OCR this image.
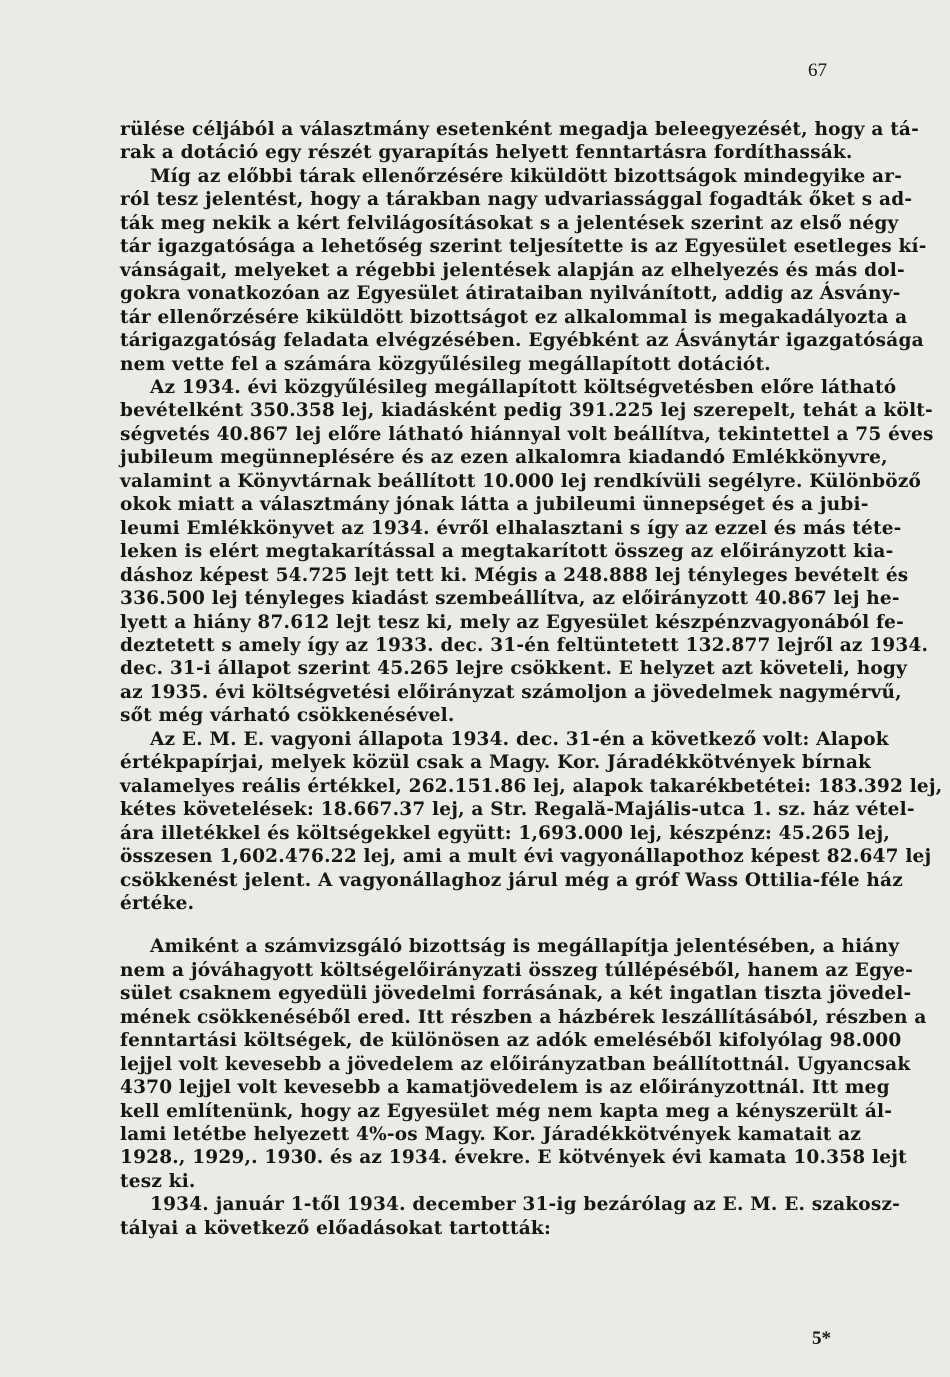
67
rülése céljából a választmány esetenként megadja beleegyezését, hogy a tá-
rak a dotáció egy részét gyarapítás helyett fenntartásra fordíthassák.
Míg az előbbi tárak ellenőrzésére kiküldött bizottságok mindegyike ar-
ról tesz jelentést, hogy a tárakban nagy udvariassággal fogadták őket s ad-
ták meg nekik a kért felvilágosításokat s a jelentések szerint az első négy
tár igazgatósága a lehetőség szerint teljesítette is az Egyesület esetleges kí-
vánságait, melyeket a régebbi jelentések alapján az elhelyezés és más dol-
gokra vonatkozóan az Egyesület átirataiban nyilvánított, addig az Ásvány-
tár ellenőrzésére kiküldött bizottságot ez alkalommal is megakadályozta a
tárigazgatóság feladata elvégzésében. Egyébként az Ásványtár igazgatósága
nem vette fel a számára közgyűlésileg megállapított dotációt.
Az 1934. évi közgyűlésileg megállapított költségvetésben előre látható
bevételként 350.358 lej, kiadásként pedig 391.225 lej szerepelt, tehát a költ-
ségvetés 40.867 lej előre látható hiánnyal volt beállítva, tekintettel a 75 éves
jubileum megünneplésére és az ezen alkalomra kiadandó Emlékkönyvre,
valamint a Könyvtárnak beállított 10.000 lej rendkívüli segélyre. Különböző
okok miatt a választmány jónak látta a jubileumi ünnepséget és a jubi-
leumi Emlékkönyvet az 1934. évről elhalasztani s így az ezzel és más téte-
leken is elért megtakarítással a megtakarított összeg az előirányzott kia-
dáshoz képest 54.725 lejt tett ki. Mégis a 248.888 lej tényleges bevételt és
336.500 lej tényleges kiadást szembeállítva, az előirányzott 40.867 lej he-
lyett a hiány 87.612 lejt tesz ki, mely az Egyesület készpénzvagyonából fe-
deztetett s amely így az 1933. dec. 31-én feltüntetett 132.877 lejről az 1934.
dec. 31-i állapot szerint 45.265 lejre csökkent. E helyzet azt követeli, hogy
az 1935. évi költségvetési előirányzat számoljon a jövedelmek nagymérvű,
sőt még várható csökkenésével.
Az E. M. E. vagyoni állapota 1934. dec. 31-én a következő volt: Alapok
értékpapírjai, melyek közül csak a Magy. Kor. Járadékkötvények bírnak
valamelyes reális értékkel, 262.151.86 lej, alapok takarékbetétei: 183.392 lej,
kétes követelések: 18.667.37 lej, a Str. Regală-Majális-utca 1. sz. ház vétel-
ára illetékkel és költségekkel együtt: 1,693.000 lej, készpénz: 45.265 lej,
összesen 1,602.476.22 lej, ami a mult évi vagyonállapothoz képest 82.647 lej
csökkenést jelent. A vagyonállaghoz járul még a gróf Wass Ottilia-féle ház
értéke.
Amiként a számvizsgáló bizottság is megállapítja jelentésében, a hiány
nem a jóváhagyott költségelőirányzati összeg túllépéséből, hanem az Egye-
sület csaknem egyedüli jövedelmi forrásának, a két ingatlan tiszta jövedel-
mének csökkenéséből ered. Itt részben a házbérek leszállításából, részben a
fenntartási költségek, de különösen az adók emeléséből kifolyólag 98.000
lejjel volt kevesebb a jövedelem az előirányzatban beállítottnál. Ugyancsak
4370 lejjel volt kevesebb a kamatjövedelem is az előirányzottnál. Itt meg
kell említenünk, hogy az Egyesület még nem kapta meg a kényszerült ál-
lami letétbe helyezett 4%-os Magy. Kor. Járadékkötvények kamatait az
1928., 1929,. 1930. és az 1934. évekre. E kötvények évi kamata 10.358 lejt
tesz ki.
1934. január 1-től 1934. december 31-ig bezárólag az E. M. E. szakosz-
tályai a következő előadásokat tartották:
5*
